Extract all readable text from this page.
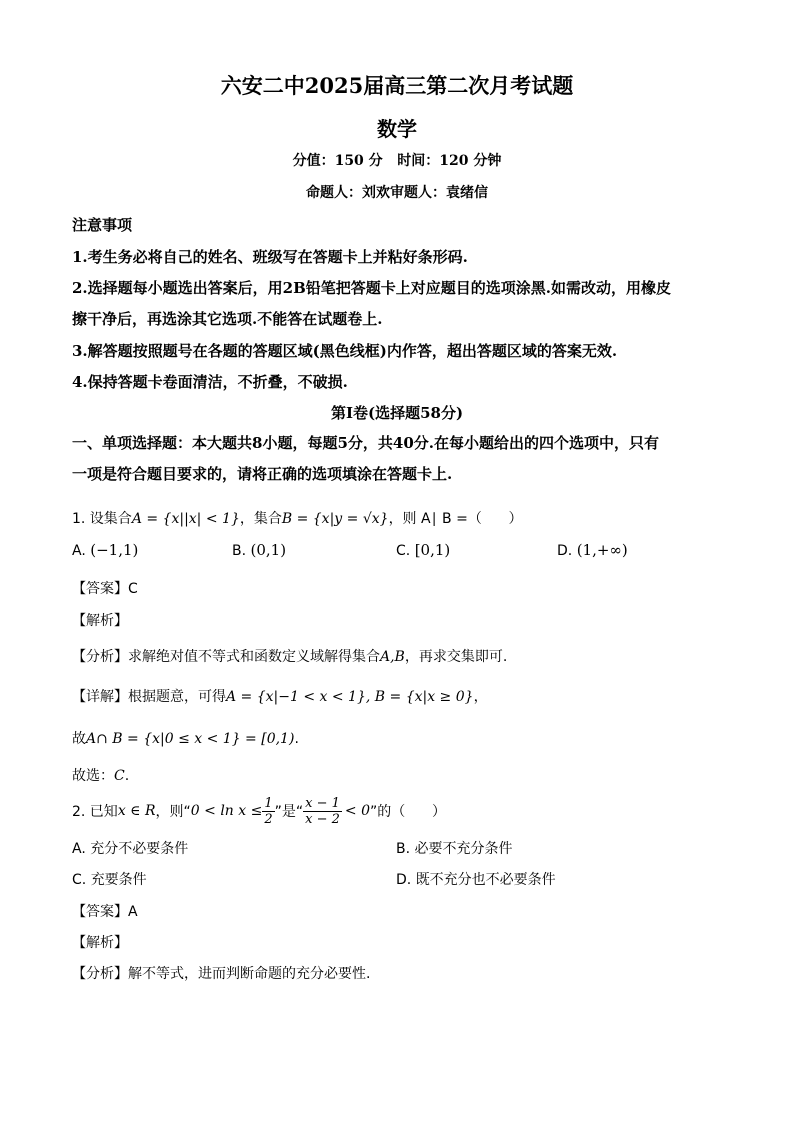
六安二中2025届高三第二次月考试题
数学
分值：150 分   时间：120 分钟
命题人：刘欢审题人：袁绪信
注意事项
1.考生务必将自己的姓名、班级写在答题卡上并粘好条形码.
2.选择题每小题选出答案后，用2B铅笔把答题卡上对应题目的选项涂黑.如需改动，用橡皮
擦干净后，再选涂其它选项.不能答在试题卷上.
3.解答题按照题号在各题的答题区域(黑色线框)内作答，超出答题区域的答案无效.
4.保持答题卡卷面清洁，不折叠，不破损.
第Ⅰ卷(选择题58分)
一、单项选择题：本大题共8小题，每题5分，共40分.在每小题给出的四个选项中，只有
一项是符合题目要求的，请将正确的选项填涂在答题卡上.
1. 设集合A = {x||x| < 1}，集合B = {x|y = √x}，则 A∣ B =（      ）
A. (−1,1)	B. (0,1)	C. [0,1)	D. (1,+∞)
【答案】C
【解析】
【分析】求解绝对值不等式和函数定义域解得集合A,B，再求交集即可.
【详解】根据题意，可得A = {x|−1 < x < 1}, B = {x|x ≥ 0}，
故A∩ B = {x|0 ≤ x < 1} = [0,1).
故选：C.
2. 已知 x ∈ R ，则“ $0 < \ln x \le \frac{1}{2}$ ”是“ $\frac{x - 1}{x - 2} < 0$ ”的（      ）
A. 充分不必要条件	B. 必要不充分条件
C. 充要条件	D. 既不充分也不必要条件
【答案】A
【解析】
【分析】解不等式，进而判断命题的充分必要性.
